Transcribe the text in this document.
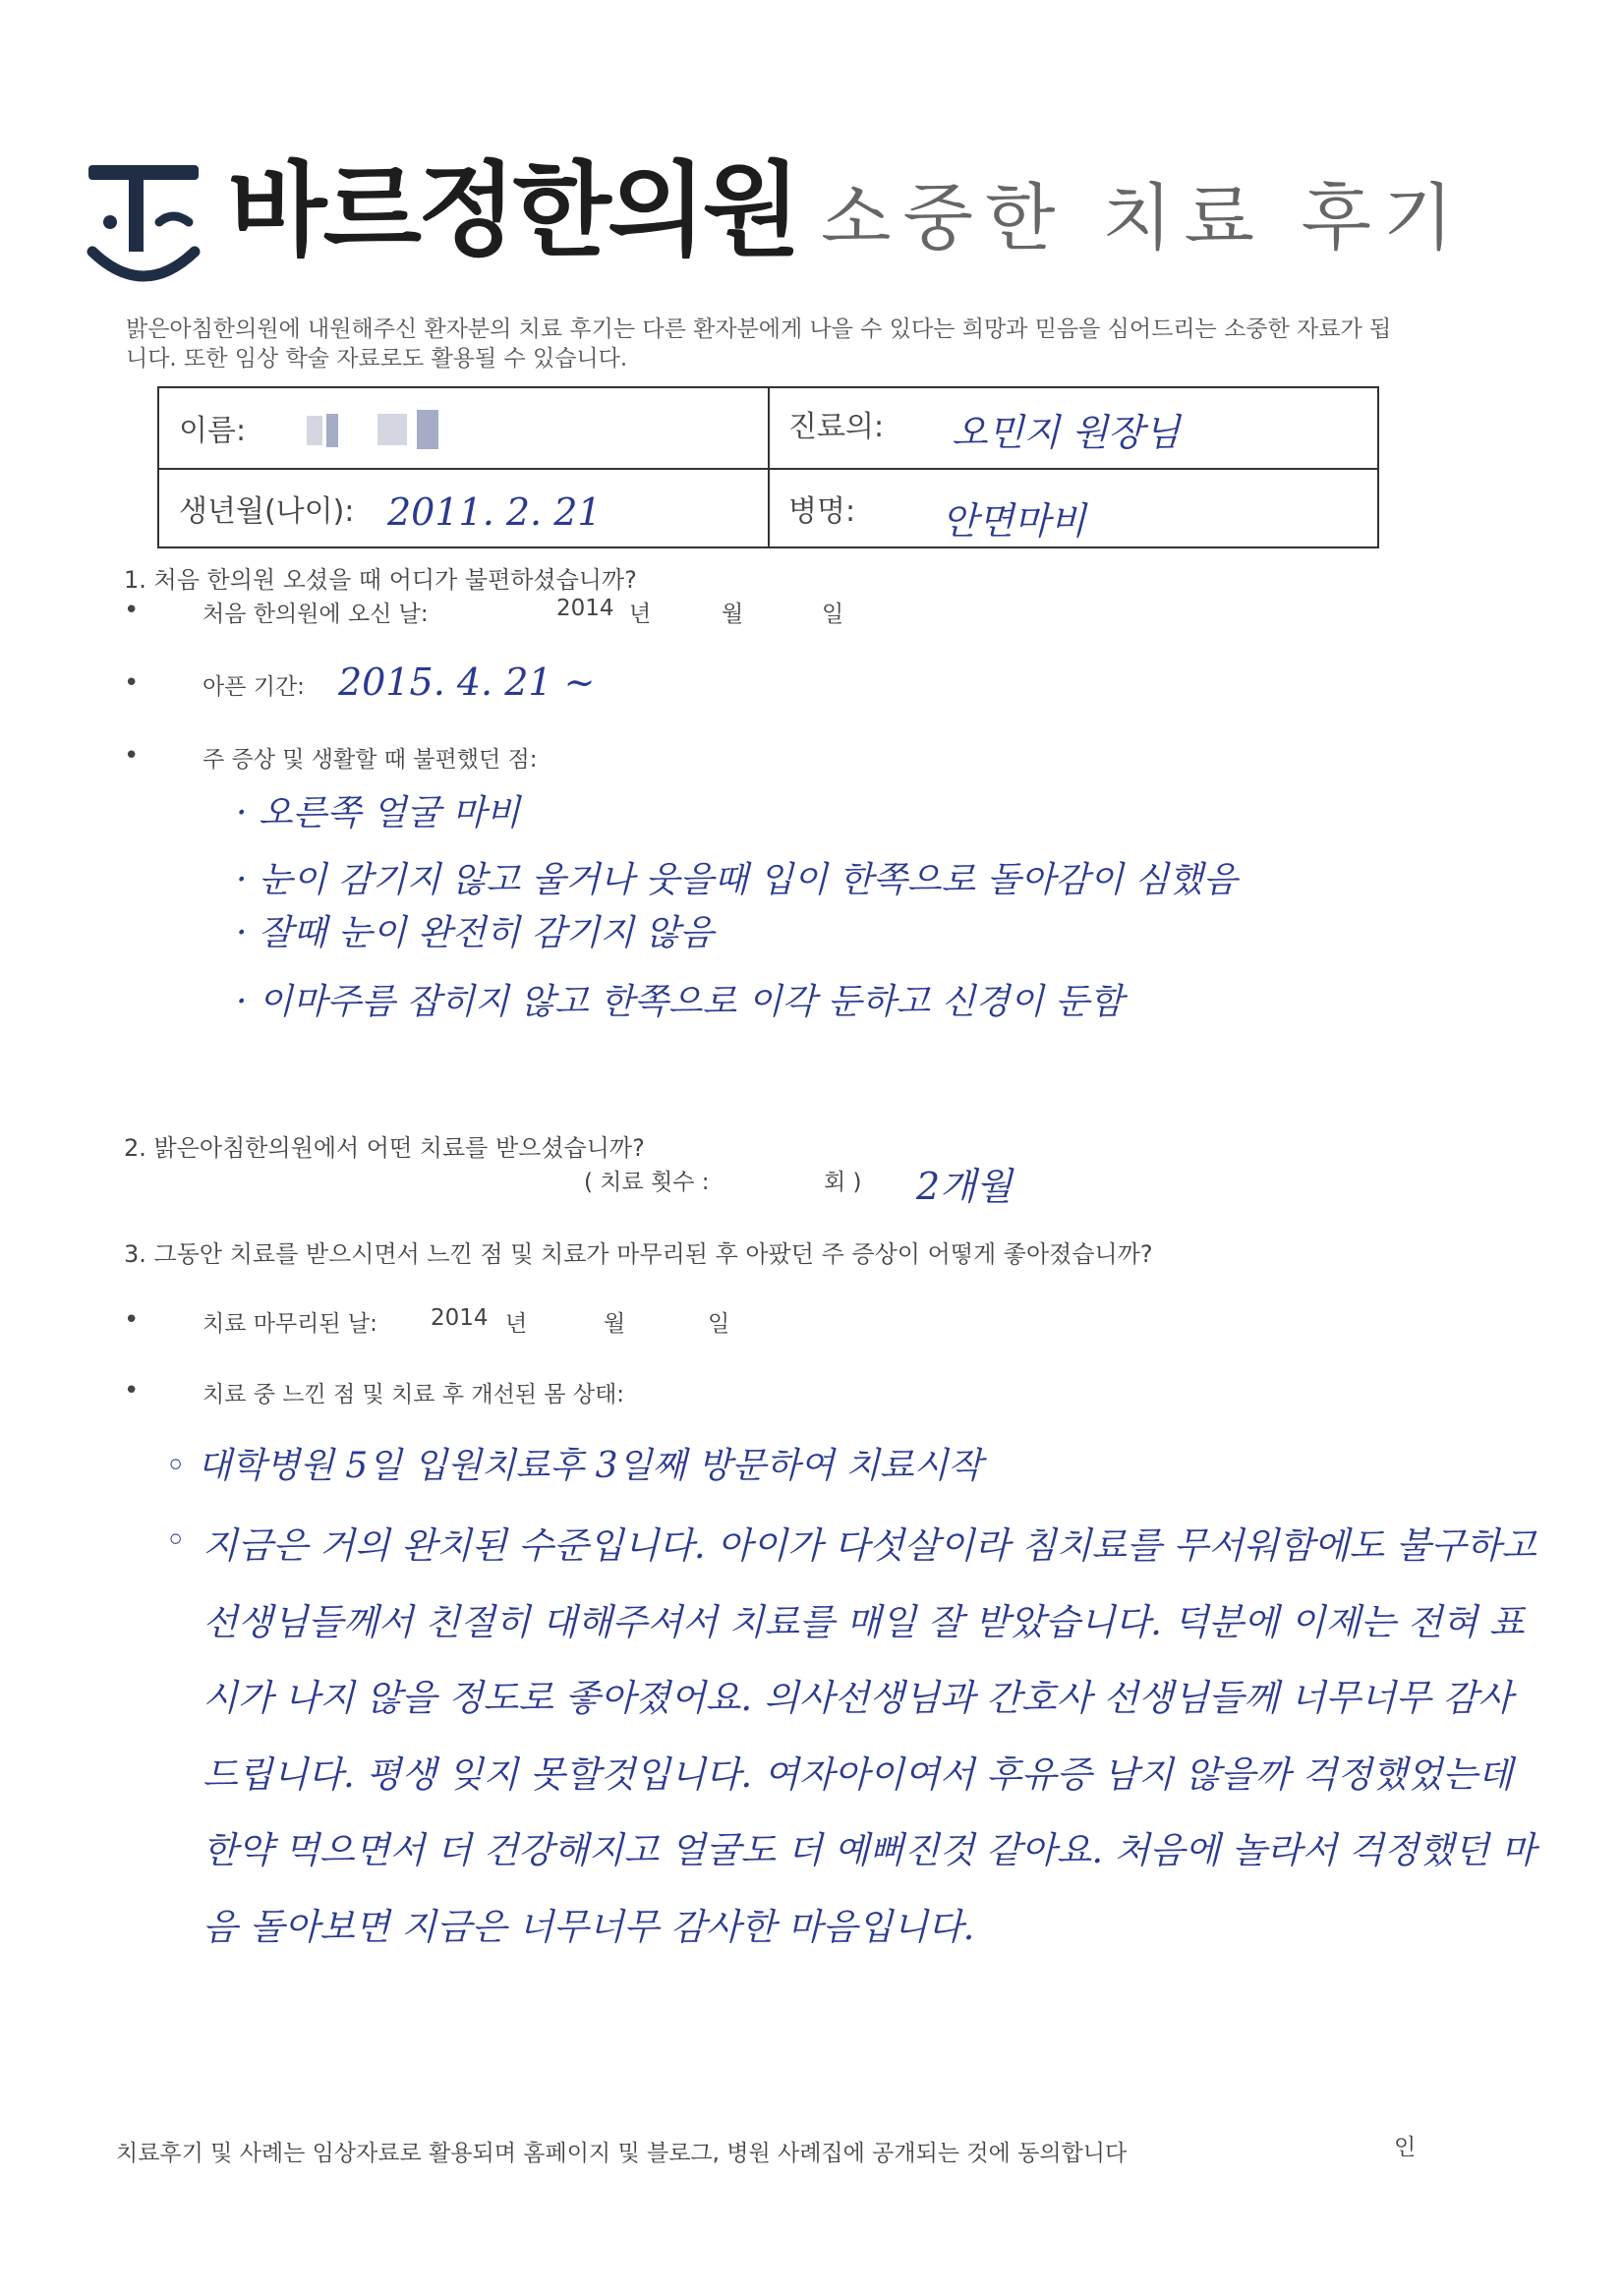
바르정한의원 소중한 치료 후기
밝은아침한의원에 내원해주신 환자분의 치료 후기는 다른 환자분에게 나을 수 있다는 희망과 믿음을 심어드리는 소중한 자료가 됩니다. 또한 임상 학술 자료로도 활용될 수 있습니다.
이름:	진료의: 오민지 원장님
생년월(나이): 2011. 2. 21	병명: 안면마비
1. 처음 한의원 오셨을 때 어디가 불편하셨습니까?
•	처음 한의원에 오신 날:	2014 년	월	일
•	아픈 기간: 2015. 4. 21 ~
•	주 증상 및 생활할 때 불편했던 점:
· 오른쪽 얼굴 마비
· 눈이 감기지 않고 울거나 웃을때 입이 한쪽으로 돌아감이 심했음
· 잘때 눈이 완전히 감기지 않음
· 이마주름 잡히지 않고 한쪽으로 이각 둔하고 신경이 둔함
2. 밝은아침한의원에서 어떤 치료를 받으셨습니까?
( 치료 횟수 :	회 ) 2개월
3. 그동안 치료를 받으시면서 느낀 점 및 치료가 마무리된 후 아팠던 주 증상이 어떻게 좋아졌습니까?
•	치료 마무리된 날: 2014 년	월	일
•	치료 중 느낀 점 및 치료 후 개선된 몸 상태:
◦ 대학병원 5일 입원치료후 3일째 방문하여 치료시작
◦ 지금은 거의 완치된 수준입니다. 아이가 다섯살이라 침치료를 무서워함에도 불구하고 선생님들께서 친절히 대해주셔서 치료를 매일 잘 받았습니다. 덕분에 이제는 전혀 표시가 나지 않을 정도로 좋아졌어요. 의사선생님과 간호사 선생님들께 너무너무 감사드립니다. 평생 잊지 못할것입니다. 여자아이여서 후유증 남지 않을까 걱정했었는데 한약 먹으면서 더 건강해지고 얼굴도 더 예뻐진것 같아요. 처음에 놀라서 걱정했던 마음 돌아보면 지금은 너무너무 감사한 마음입니다.
치료후기 및 사례는 임상자료로 활용되며 홈페이지 및 블로그, 병원 사례집에 공개되는 것에 동의합니다	인
